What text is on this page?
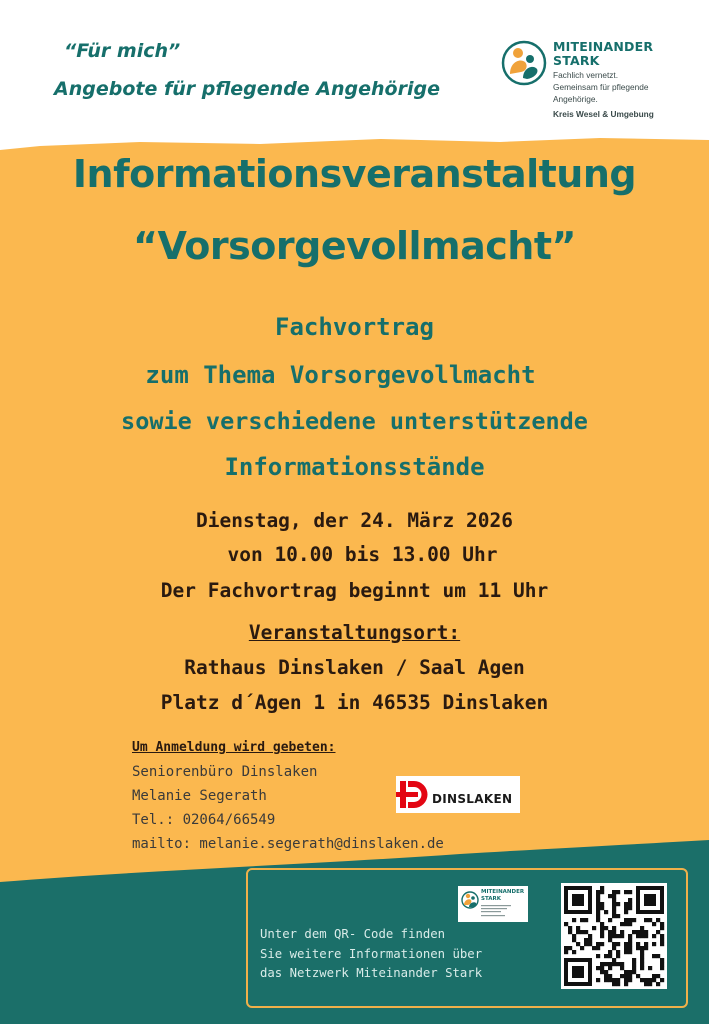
“Für mich”
Angebote für pflegende Angehörige
MITEINANDER
STARK
Fachlich vernetzt.
Gemeinsam für pflegende
Angehörige.
Kreis Wesel & Umgebung
Informationsveranstaltung
“Vorsorgevollmacht”
Fachvortrag
zum Thema Vorsorgevollmacht
sowie verschiedene unterstützende
Informationsstände
Dienstag, der 24. März 2026
von 10.00 bis 13.00 Uhr
Der Fachvortrag beginnt um 11 Uhr
Veranstaltungsort:
Rathaus Dinslaken / Saal Agen
Platz d´Agen 1 in 46535 Dinslaken
Um Anmeldung wird gebeten:
Seniorenbüro Dinslaken
Melanie Segerath
Tel.: 02064/66549
mailto: melanie.segerath@dinslaken.de
DINSLAKEN
MITEINANDER
STARK
Unter dem QR- Code finden
Sie weitere Informationen über
das Netzwerk Miteinander Stark
